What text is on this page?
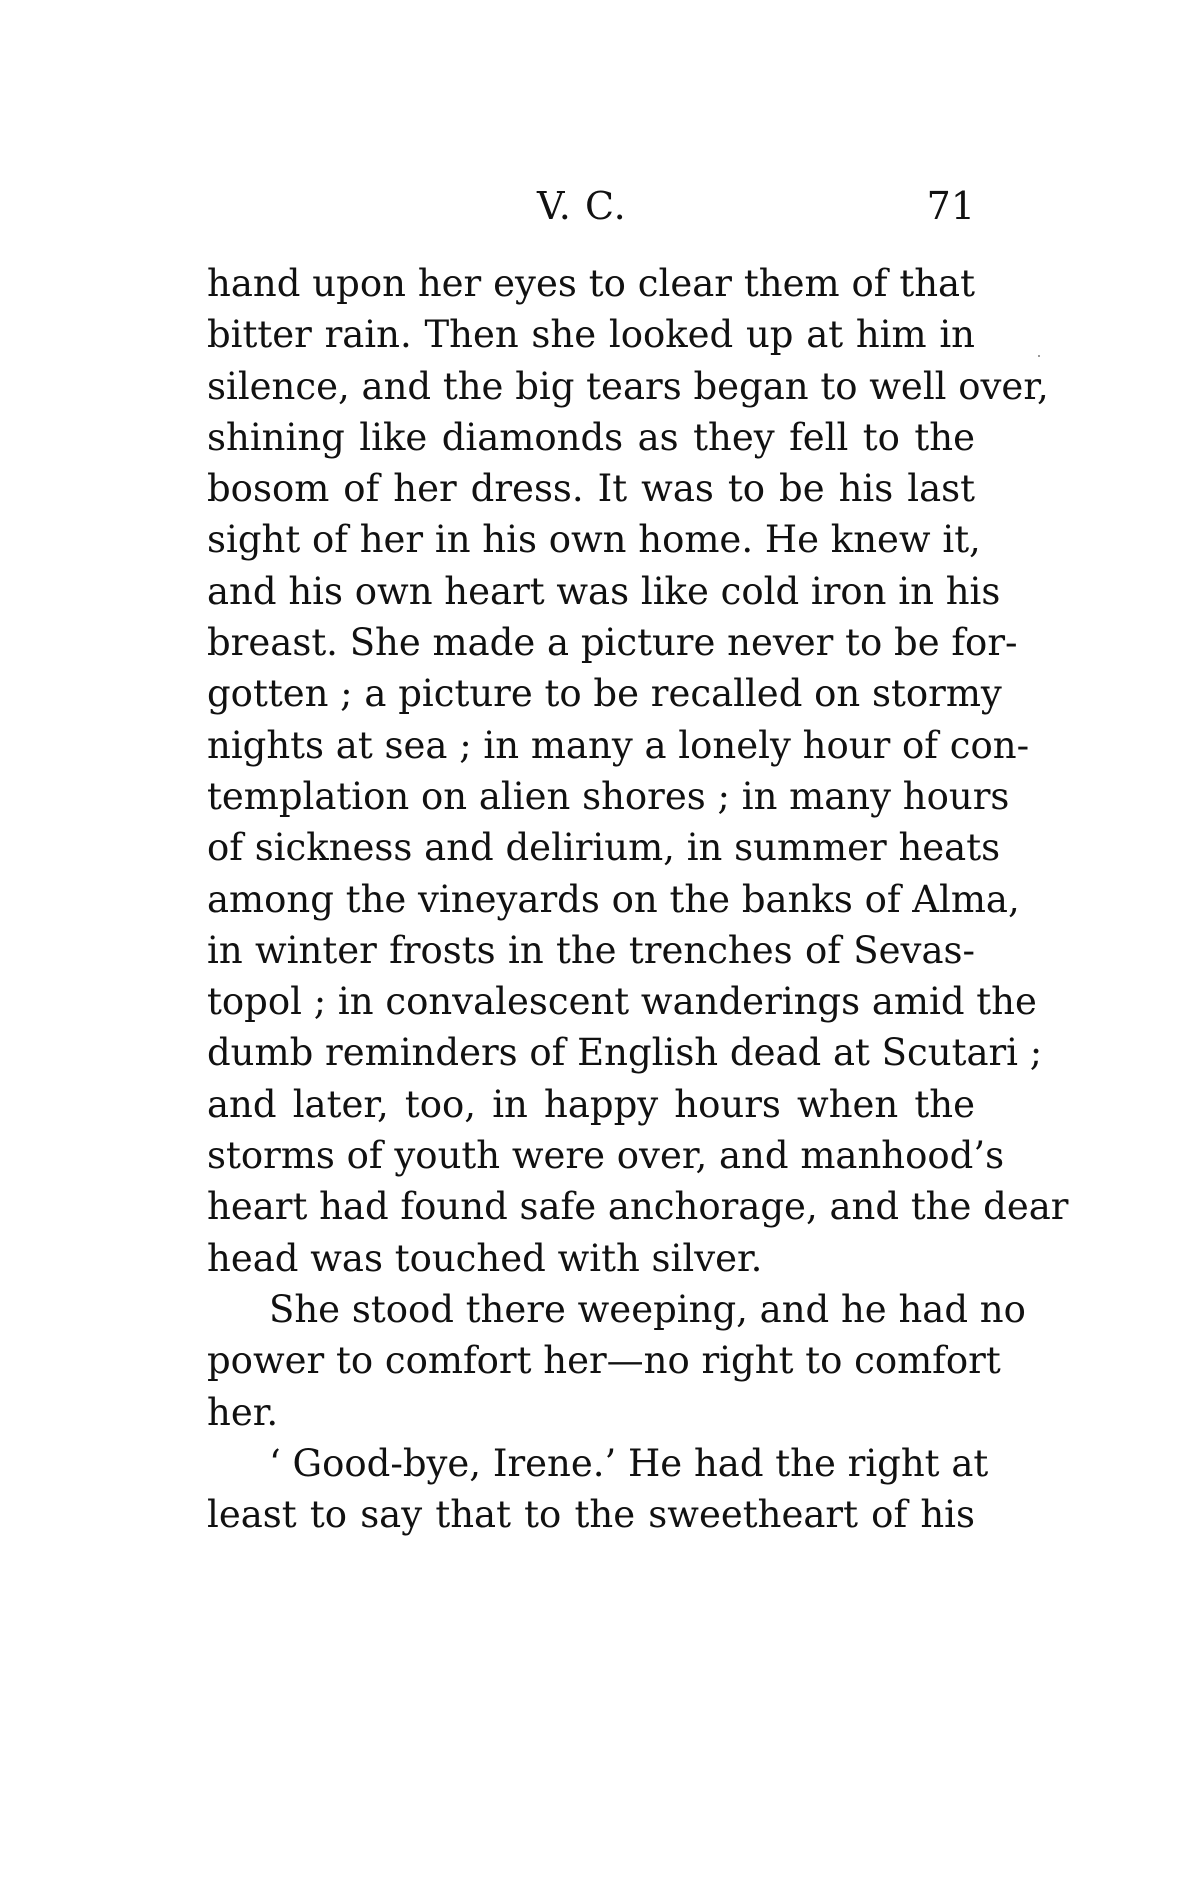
V. C.	71
hand upon her eyes to clear them of that
bitter rain. Then she looked up at him in
silence, and the big tears began to well over,
shining like diamonds as they fell to the
bosom of her dress. It was to be his last
sight of her in his own home. He knew it,
and his own heart was like cold iron in his
breast. She made a picture never to be for-
gotten ; a picture to be recalled on stormy
nights at sea ; in many a lonely hour of con-
templation on alien shores ; in many hours
of sickness and delirium, in summer heats
among the vineyards on the banks of Alma,
in winter frosts in the trenches of Sevas-
topol ; in convalescent wanderings amid the
dumb reminders of English dead at Scutari ;
and later, too, in happy hours when the
storms of youth were over, and manhood’s
heart had found safe anchorage, and the dear
head was touched with silver.
She stood there weeping, and he had no
power to comfort her—no right to comfort
her.
‘ Good-bye, Irene.’ He had the right at
least to say that to the sweetheart of his
